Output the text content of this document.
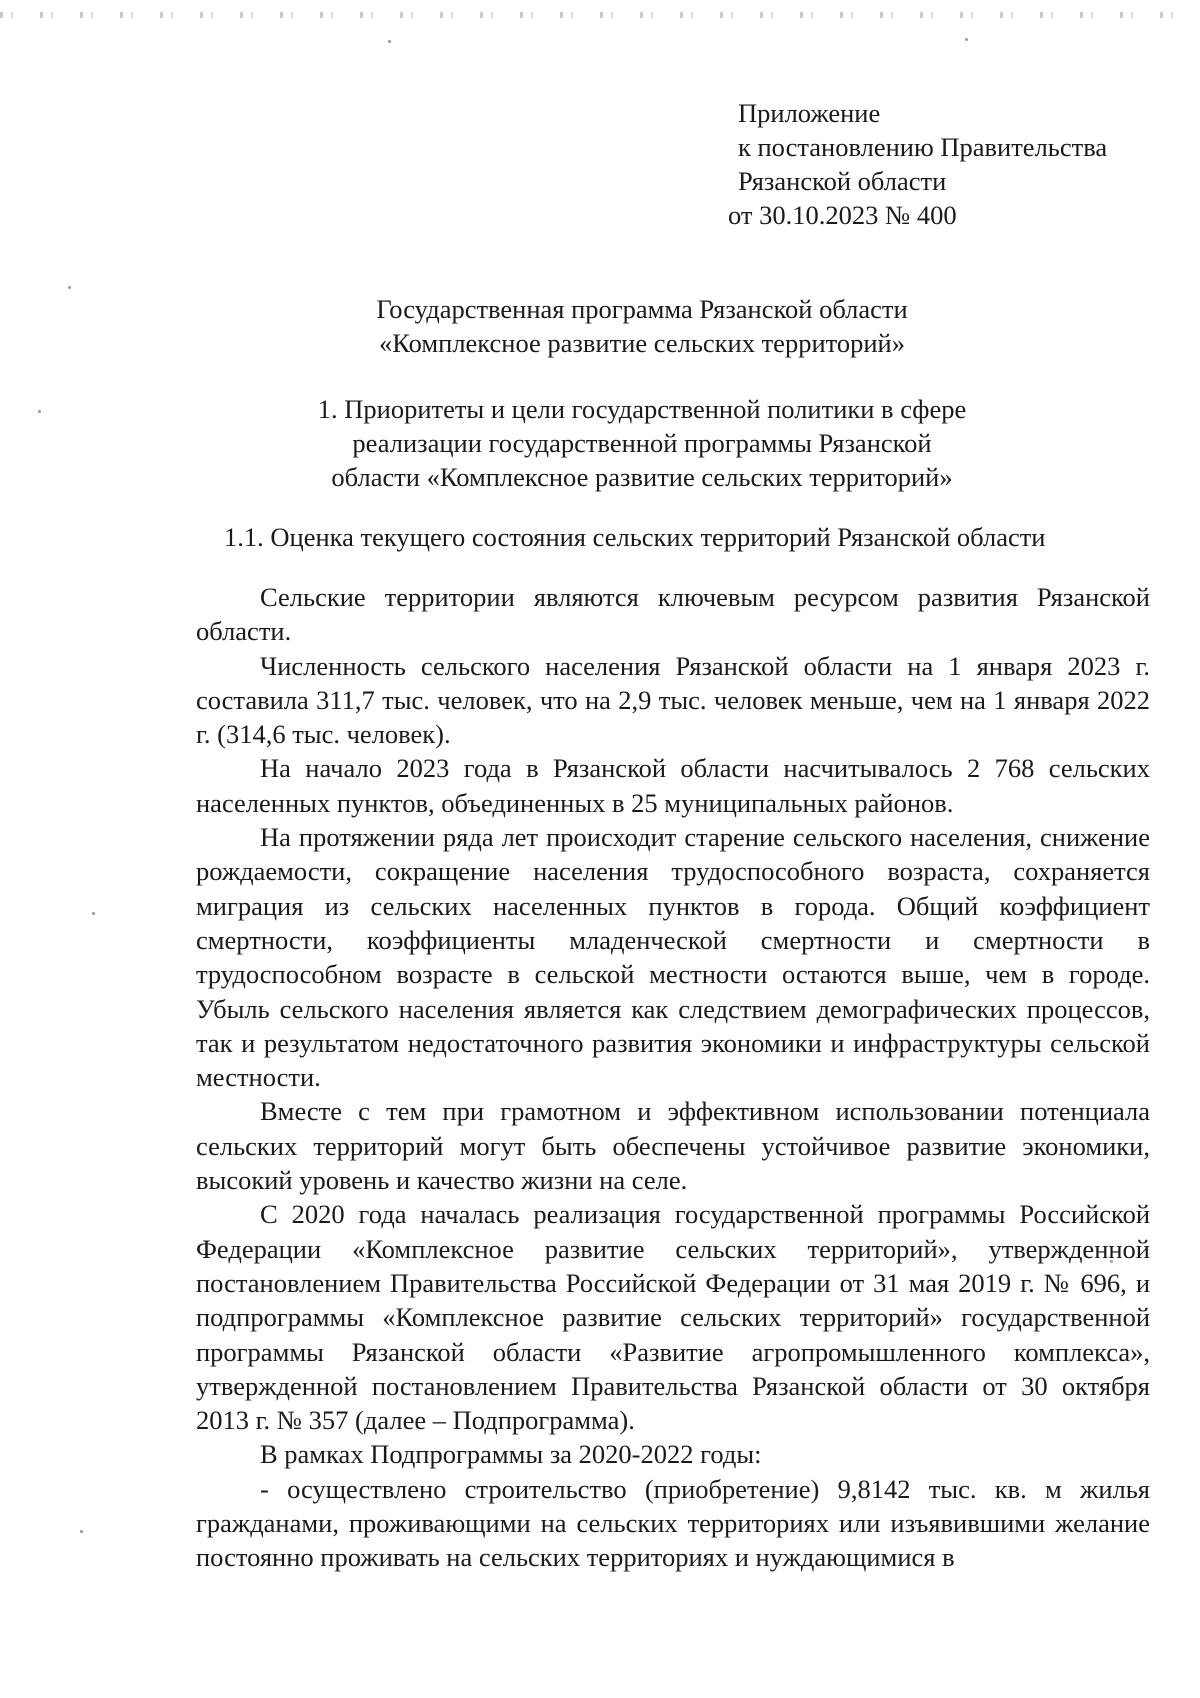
Приложение
к постановлению Правительства
Рязанской области
от 30.10.2023 № 400
Государственная программа Рязанской области
«Комплексное развитие сельских территорий»
1. Приоритеты и цели государственной политики в сфере
реализации государственной программы Рязанской
области «Комплексное развитие сельских территорий»
1.1. Оценка текущего состояния сельских территорий Рязанской области

Сельские территории являются ключевым ресурсом развития Рязанской области.

Численность сельского населения Рязанской области на 1 января 2023 г. составила 311,7 тыс. человек, что на 2,9 тыс. человек меньше, чем на 1 января 2022 г. (314,6 тыс. человек).

На начало 2023 года в Рязанской области насчитывалось 2 768 сельских населенных пунктов, объединенных в 25 муниципальных районов.

На протяжении ряда лет происходит старение сельского населения, снижение рождаемости, сокращение населения трудоспособного возраста, сохраняется миграция из сельских населенных пунктов в города. Общий коэффициент смертности, коэффициенты младенческой смертности и смертности в трудоспособном возрасте в сельской местности остаются выше, чем в городе. Убыль сельского населения является как следствием демографических процессов, так и результатом недостаточного развития экономики и инфраструктуры сельской местности.

Вместе с тем при грамотном и эффективном использовании потенциала сельских территорий могут быть обеспечены устойчивое развитие экономики, высокий уровень и качество жизни на селе.

С 2020 года началась реализация государственной программы Российской Федерации «Комплексное развитие сельских территорий», утвержденной постановлением Правительства Российской Федерации от 31 мая 2019 г. № 696, и подпрограммы «Комплексное развитие сельских территорий» государственной программы Рязанской области «Развитие агропромышленного комплекса», утвержденной постановлением Правительства Рязанской области от 30 октября 2013 г. № 357 (далее – Подпрограмма).

В рамках Подпрограммы за 2020-2022 годы:

- осуществлено строительство (приобретение) 9,8142 тыс. кв. м жилья гражданами, проживающими на сельских территориях или изъявившими желание постоянно проживать на сельских территориях и нуждающимися в
